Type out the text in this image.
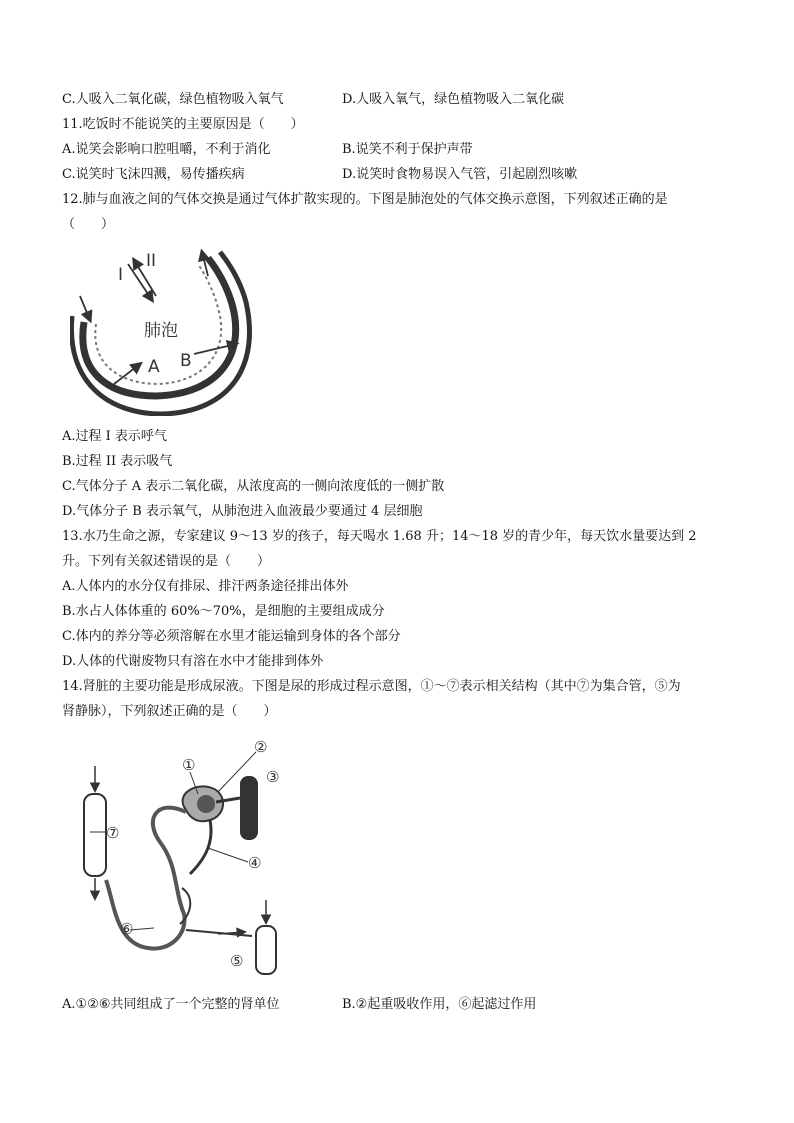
C.人吸入二氧化碳，绿色植物吸入氧气	D.人吸入氧气，绿色植物吸入二氧化碳
11.吃饭时不能说笑的主要原因是（　　）
A.说笑会影响口腔咀嚼，不利于消化	B.说笑不利于保护声带
C.说笑时飞沫四溅，易传播疾病	D.说笑时食物易误入气管，引起剧烈咳嗽
12.肺与血液之间的气体交换是通过气体扩散实现的。下图是肺泡处的气体交换示意图，下列叙述正确的是
（　　）
I
II
肺泡
A B
A.过程 I 表示呼气
B.过程 II 表示吸气
C.气体分子 A 表示二氧化碳，从浓度高的一侧向浓度低的一侧扩散
D.气体分子 B 表示氧气，从肺泡进入血液最少要通过 4 层细胞
13.水乃生命之源，专家建议 9～13 岁的孩子，每天喝水 1.68 升；14～18 岁的青少年，每天饮水量要达到 2
升。下列有关叙述错误的是（　　）
A.人体内的水分仅有排尿、排汗两条途径排出体外
B.水占人体体重的 60%～70%，是细胞的主要组成成分
C.体内的养分等必须溶解在水里才能运输到身体的各个部分
D.人体的代谢废物只有溶在水中才能排到体外
14.肾脏的主要功能是形成尿液。下图是尿的形成过程示意图，①～⑦表示相关结构（其中⑦为集合管，⑤为
肾静脉），下列叙述正确的是（　　）
①
②
③
④
⑤
⑥
⑦
A.①②⑥共同组成了一个完整的肾单位	B.②起重吸收作用，⑥起滤过作用
